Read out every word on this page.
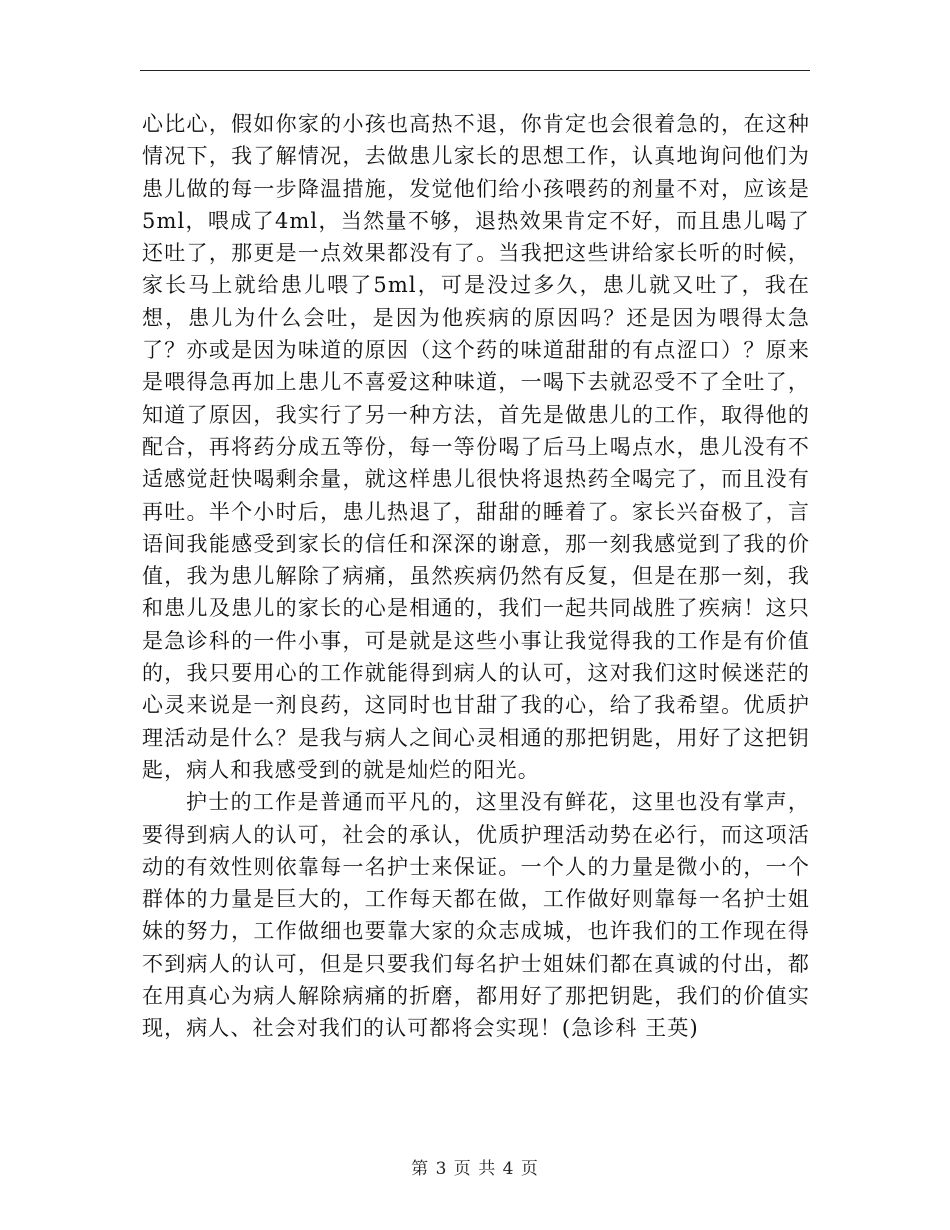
心比心，假如你家的小孩也高热不退，你肯定也会很着急的，在这种情况下，我了解情况，去做患儿家长的思想工作，认真地询问他们为患儿做的每一步降温措施，发觉他们给小孩喂药的剂量不对，应该是5ml，喂成了4ml，当然量不够，退热效果肯定不好，而且患儿喝了还吐了，那更是一点效果都没有了。当我把这些讲给家长听的时候，家长马上就给患儿喂了5ml，可是没过多久，患儿就又吐了，我在想，患儿为什么会吐，是因为他疾病的原因吗？还是因为喂得太急了？亦或是因为味道的原因（这个药的味道甜甜的有点涩口）？原来是喂得急再加上患儿不喜爱这种味道，一喝下去就忍受不了全吐了，知道了原因，我实行了另一种方法，首先是做患儿的工作，取得他的配合，再将药分成五等份，每一等份喝了后马上喝点水，患儿没有不适感觉赶快喝剩余量，就这样患儿很快将退热药全喝完了，而且没有再吐。半个小时后，患儿热退了，甜甜的睡着了。家长兴奋极了，言语间我能感受到家长的信任和深深的谢意，那一刻我感觉到了我的价值，我为患儿解除了病痛，虽然疾病仍然有反复，但是在那一刻，我和患儿及患儿的家长的心是相通的，我们一起共同战胜了疾病！这只是急诊科的一件小事，可是就是这些小事让我觉得我的工作是有价值的，我只要用心的工作就能得到病人的认可，这对我们这时候迷茫的心灵来说是一剂良药，这同时也甘甜了我的心，给了我希望。优质护理活动是什么？是我与病人之间心灵相通的那把钥匙，用好了这把钥匙，病人和我感受到的就是灿烂的阳光。

护士的工作是普通而平凡的，这里没有鲜花，这里也没有掌声，要得到病人的认可，社会的承认，优质护理活动势在必行，而这项活动的有效性则依靠每一名护士来保证。一个人的力量是微小的，一个群体的力量是巨大的，工作每天都在做，工作做好则靠每一名护士姐妹的努力，工作做细也要靠大家的众志成城，也许我们的工作现在得不到病人的认可，但是只要我们每名护士姐妹们都在真诚的付出，都在用真心为病人解除病痛的折磨，都用好了那把钥匙，我们的价值实现，病人、社会对我们的认可都将会实现！(急诊科 王英)

第 3 页 共 4 页
